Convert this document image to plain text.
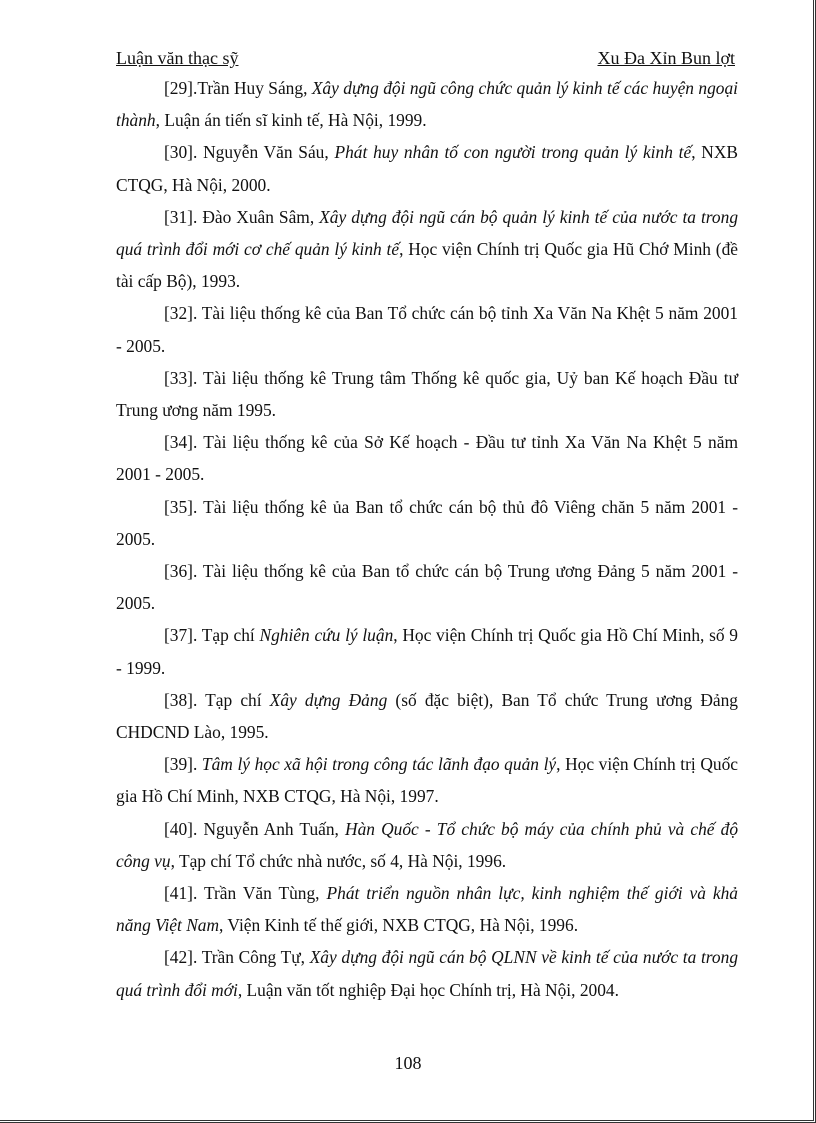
Luận văn thạc sỹ	Xu Đa Xỉn Bun lợt

[29].Trần Huy Sáng, Xây dựng đội ngũ công chức quản lý kinh tế các huyện ngoại thành, Luận án tiến sĩ kinh tế, Hà Nội, 1999.

[30]. Nguyễn Văn Sáu, Phát huy nhân tố con người trong quản lý kinh tế, NXB CTQG, Hà Nội, 2000.

[31]. Đào Xuân Sâm, Xây dựng đội ngũ cán bộ quản lý kinh tế của nước ta trong quá trình đổi mới cơ chế quản lý kinh tế, Học viện Chính trị Quốc gia Hũ Chớ Minh (đề tài cấp Bộ), 1993.

[32]. Tài liệu thống kê của Ban Tổ chức cán bộ tỉnh Xa Văn Na Khệt 5 năm 2001 - 2005.

[33]. Tài liệu thống kê Trung tâm Thống kê quốc gia, Uỷ ban Kế hoạch Đầu tư Trung ương năm 1995.

[34]. Tài liệu thống kê của Sở Kế hoạch - Đầu tư tỉnh Xa Văn Na Khệt 5 năm 2001 - 2005.

[35]. Tài liệu thống kê ủa Ban tổ chức cán bộ thủ đô Viêng chăn 5 năm 2001 - 2005.

[36]. Tài liệu thống kê của Ban tổ chức cán bộ Trung ương Đảng 5 năm 2001 - 2005.

[37]. Tạp chí Nghiên cứu lý luận, Học viện Chính trị Quốc gia Hồ Chí Minh, số 9 - 1999.

[38]. Tạp chí Xây dựng Đảng (số đặc biệt), Ban Tổ chức Trung ương Đảng CHDCND Lào, 1995.

[39]. Tâm lý học xã hội trong công tác lãnh đạo quản lý, Học viện Chính trị Quốc gia Hồ Chí Minh, NXB CTQG, Hà Nội, 1997.

[40]. Nguyễn Anh Tuấn, Hàn Quốc - Tổ chức bộ máy của chính phủ và chế độ công vụ, Tạp chí Tổ chức nhà nước, số 4, Hà Nội, 1996.

[41]. Trần Văn Tùng, Phát triển nguồn nhân lực, kinh nghiệm thế giới và khả năng Việt Nam, Viện Kinh tế thế giới, NXB CTQG, Hà Nội, 1996.

[42]. Trần Công Tự, Xây dựng đội ngũ cán bộ QLNN về kinh tế của nước ta trong quá trình đổi mới, Luận văn tốt nghiệp Đại học Chính trị, Hà Nội, 2004.

108
